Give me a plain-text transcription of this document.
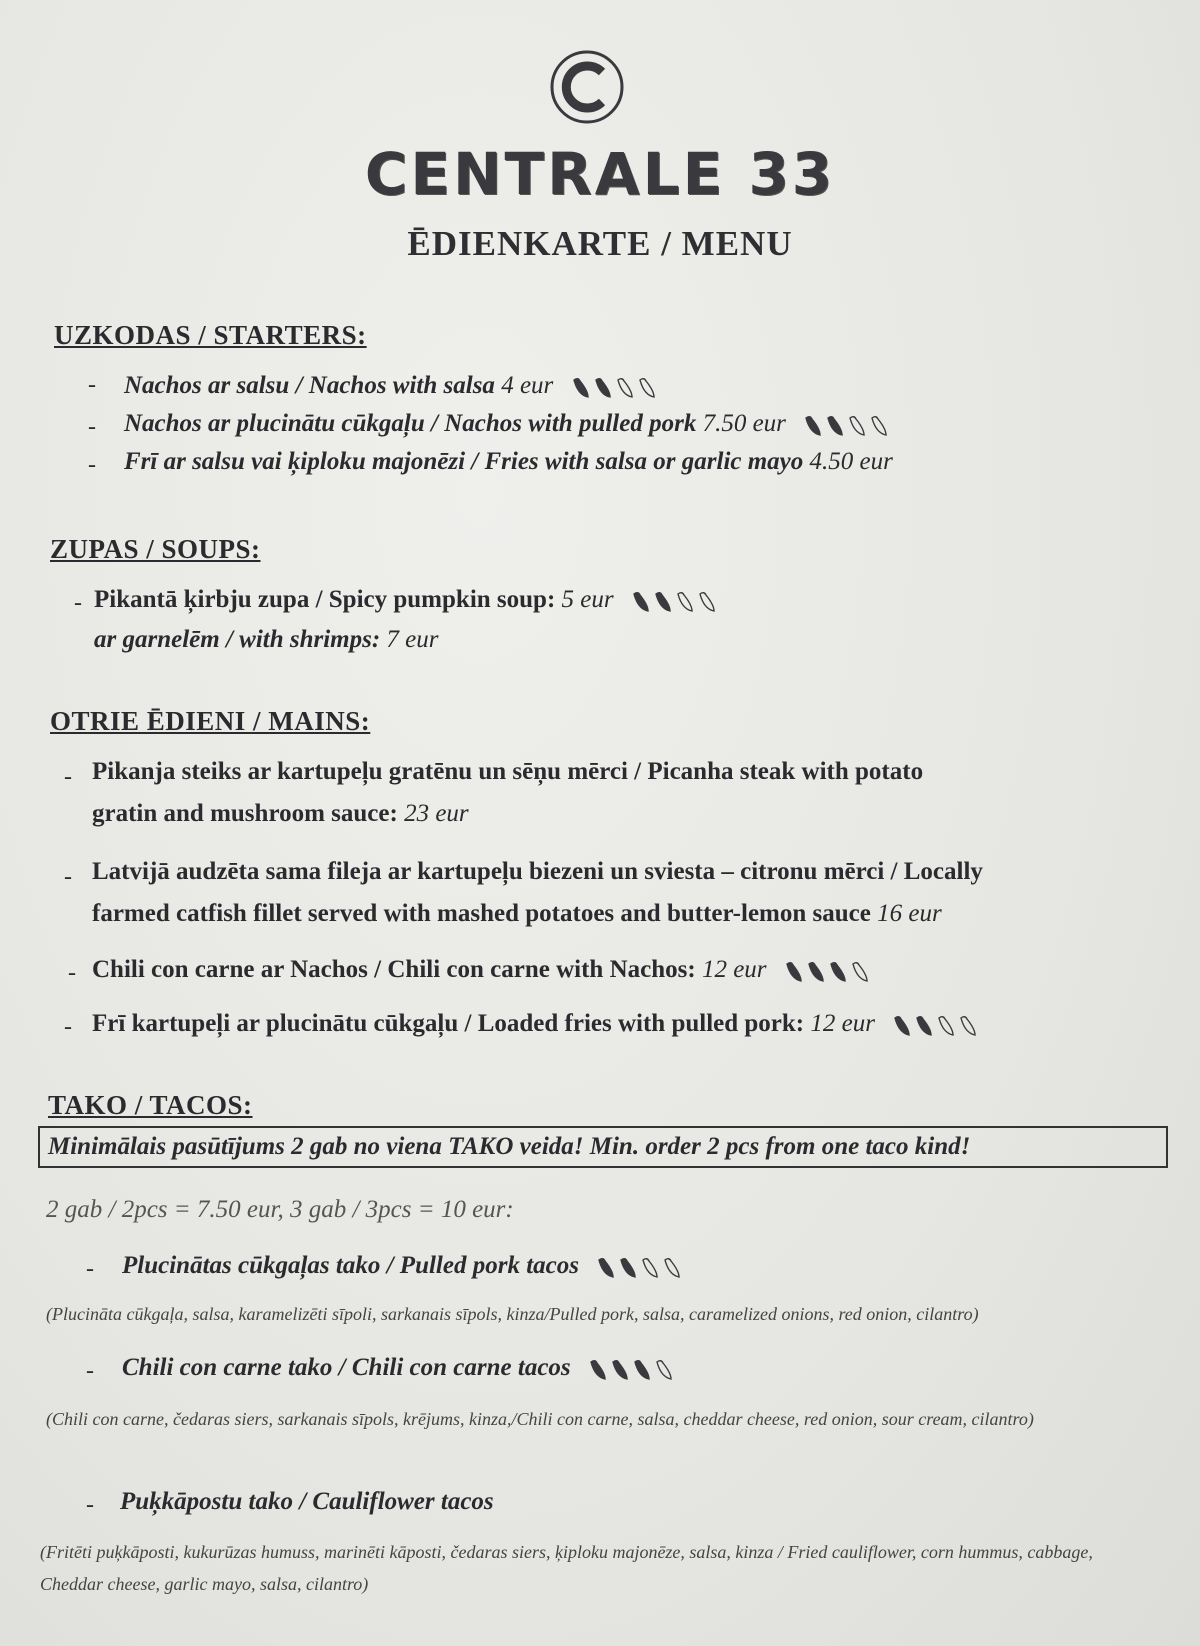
CENTRALE 33
ĒDIENKARTE / MENU
UZKODAS / STARTERS:
- Nachos ar salsu / Nachos with salsa 4 eur
- Nachos ar plucinātu cūkgaļu / Nachos with pulled pork 7.50 eur
- Frī ar salsu vai ķiploku majonēzi / Fries with salsa or garlic mayo 4.50 eur
ZUPAS / SOUPS:
- Pikantā ķirbju zupa / Spicy pumpkin soup: 5 eur
ar garnelēm / with shrimps: 7 eur
OTRIE ĒDIENI / MAINS:
- Pikanja steiks ar kartupeļu gratēnu un sēņu mērci / Picanha steak with potato
gratin and mushroom sauce: 23 eur
- Latvijā audzēta sama fileja ar kartupeļu biezeni un sviesta – citronu mērci / Locally
farmed catfish fillet served with mashed potatoes and butter-lemon sauce 16 eur
- Chili con carne ar Nachos / Chili con carne with Nachos: 12 eur
- Frī kartupeļi ar plucinātu cūkgaļu / Loaded fries with pulled pork: 12 eur
TAKO / TACOS:
Minimālais pasūtījums 2 gab no viena TAKO veida! Min. order 2 pcs from one taco kind!
2 gab / 2pcs = 7.50 eur, 3 gab / 3pcs = 10 eur:
- Plucinātas cūkgaļas tako / Pulled pork tacos
(Plucināta cūkgaļa, salsa, karamelizēti sīpoli, sarkanais sīpols, kinza/Pulled pork, salsa, caramelized onions, red onion, cilantro)
- Chili con carne tako / Chili con carne tacos
(Chili con carne, čedaras siers, sarkanais sīpols, krējums, kinza,/Chili con carne, salsa, cheddar cheese, red onion, sour cream, cilantro)
- Puķkāpostu tako / Cauliflower tacos
(Fritēti puķkāposti, kukurūzas humuss, marinēti kāposti, čedaras siers, ķiploku majonēze, salsa, kinza / Fried cauliflower, corn hummus, cabbage, Cheddar cheese, garlic mayo, salsa, cilantro)
